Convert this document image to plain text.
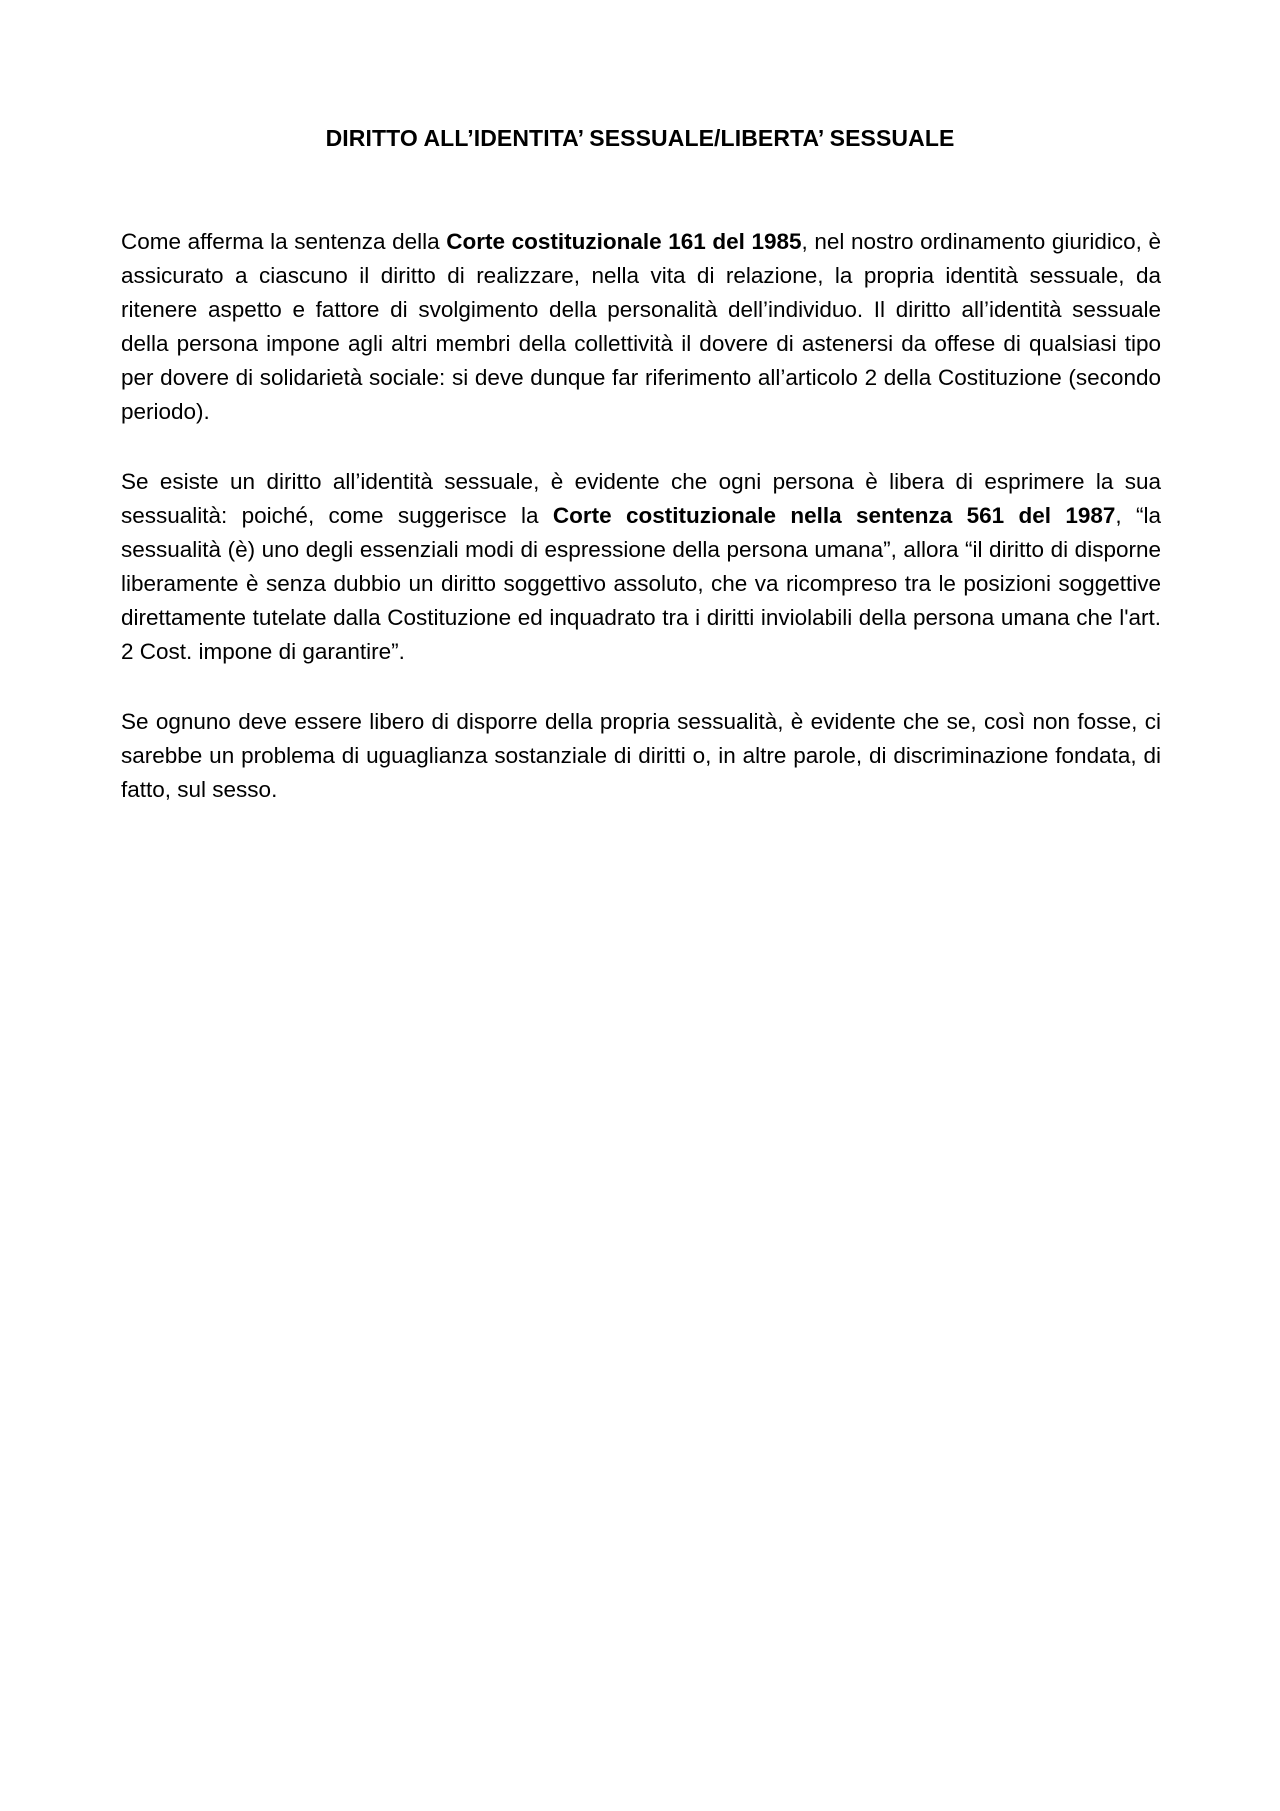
DIRITTO ALL’IDENTITA’ SESSUALE/LIBERTA’ SESSUALE

Come afferma la sentenza della Corte costituzionale 161 del 1985, nel nostro ordinamento giuridico, è assicurato a ciascuno il diritto di realizzare, nella vita di relazione, la propria identità sessuale, da ritenere aspetto e fattore di svolgimento della personalità dell’individuo. Il diritto all’identità sessuale della persona impone agli altri membri della collettività il dovere di astenersi da offese di qualsiasi tipo per dovere di solidarietà sociale: si deve dunque far riferimento all’articolo 2 della Costituzione (secondo periodo).

Se esiste un diritto all’identità sessuale, è evidente che ogni persona è libera di esprimere la sua sessualità: poiché, come suggerisce la Corte costituzionale nella sentenza 561 del 1987, “la sessualità (è) uno degli essenziali modi di espressione della persona umana”, allora “il diritto di disporne liberamente è senza dubbio un diritto soggettivo assoluto, che va ricompreso tra le posizioni soggettive direttamente tutelate dalla Costituzione ed inquadrato tra i diritti inviolabili della persona umana che l'art. 2 Cost. impone di garantire”.

Se ognuno deve essere libero di disporre della propria sessualità, è evidente che se, così non fosse, ci sarebbe un problema di uguaglianza sostanziale di diritti o, in altre parole, di discriminazione fondata, di fatto, sul sesso.
